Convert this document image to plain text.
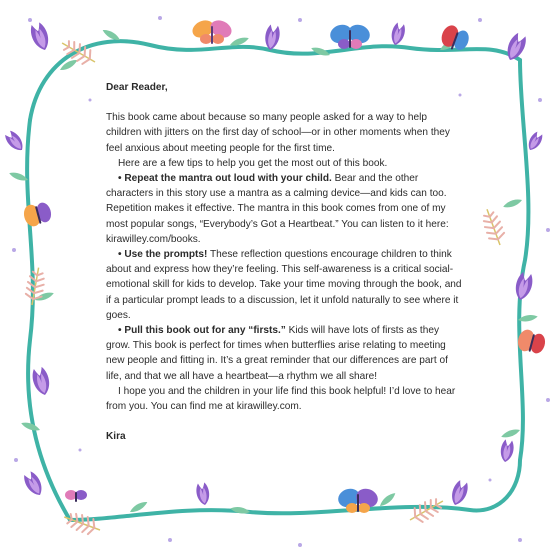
Dear Reader,

This book came about because so many people asked for a way to help children with jitters on the first day of school—or in other moments when they feel anxious about meeting people for the first time.

Here are a few tips to help you get the most out of this book.

• Repeat the mantra out loud with your child. Bear and the other characters in this story use a mantra as a calming device—and kids can too. Repetition makes it effective. The mantra in this book comes from one of my most popular songs, “Everybody’s Got a Heartbeat.” You can listen to it here: kirawilley.com/books.

• Use the prompts! These reflection questions encourage children to think about and express how they’re feeling. This self-awareness is a critical social-emotional skill for kids to develop. Take your time moving through the book, and if a particular prompt leads to a discussion, let it unfold naturally to see where it goes.

• Pull this book out for any “firsts.” Kids will have lots of firsts as they grow. This book is perfect for times when butterflies arise relating to meeting new people and fitting in. It’s a great reminder that our differences are part of life, and that we all have a heartbeat—a rhythm we all share!

I hope you and the children in your life find this book helpful! I’d love to hear from you. You can find me at kirawilley.com.

Kira
